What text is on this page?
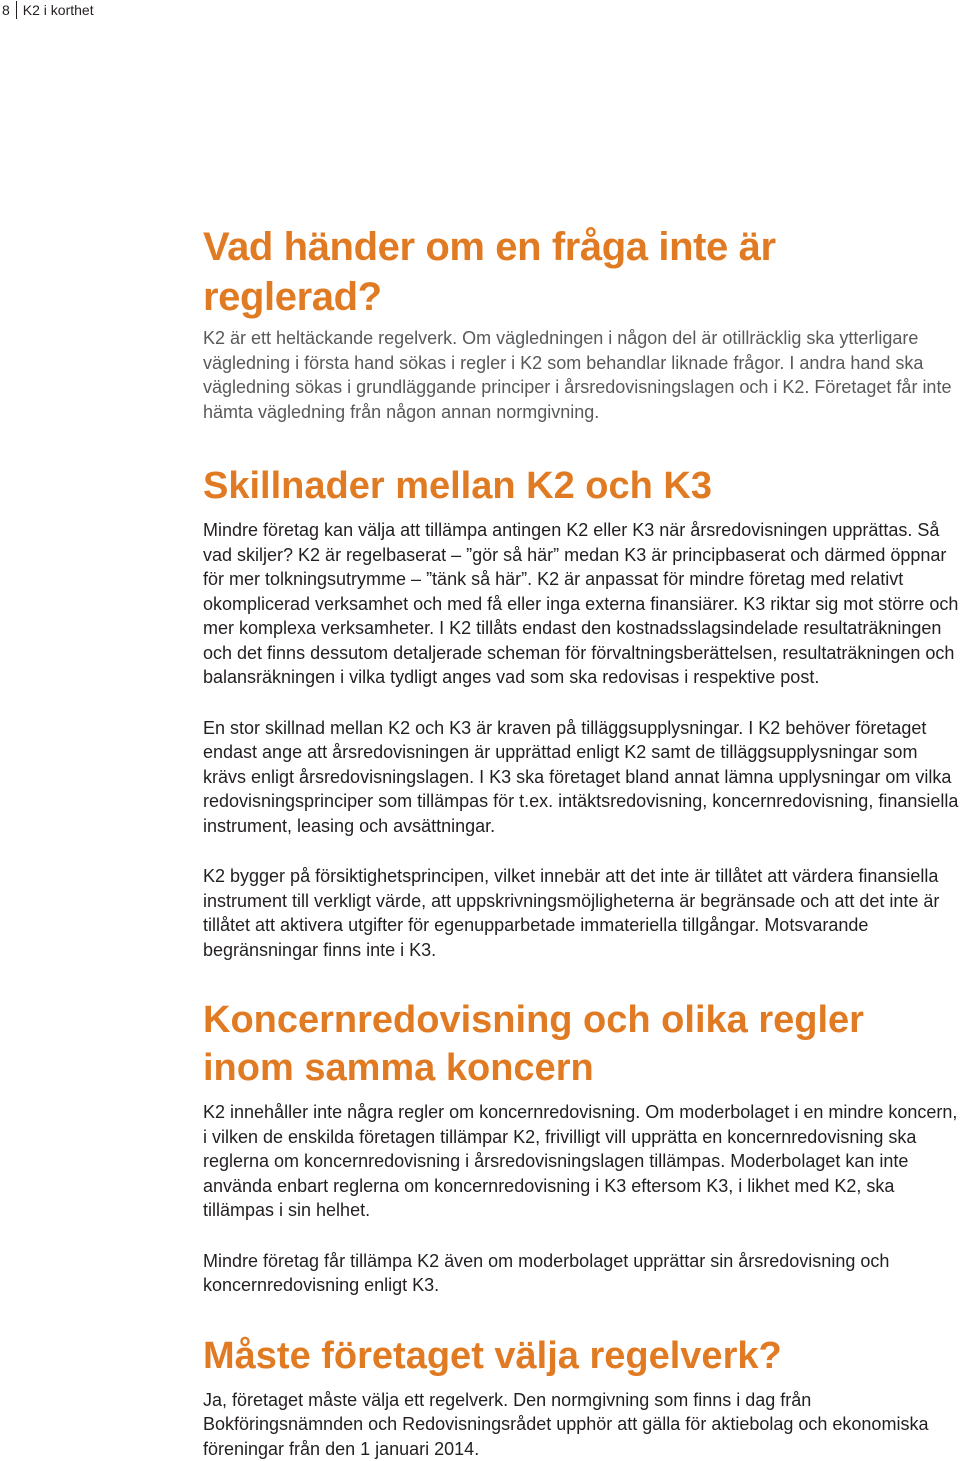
8 K2 i korthet
Vad händer om en fråga inte är reglerad?

K2 är ett heltäckande regelverk. Om vägledningen i någon del är otillräcklig ska ytterligare vägledning i första hand sökas i regler i K2 som behandlar liknade frågor. I andra hand ska vägledning sökas i grundläggande principer i årsredovisningslagen och i K2. Företaget får inte hämta vägledning från någon annan normgivning.

Skillnader mellan K2 och K3

Mindre företag kan välja att tillämpa antingen K2 eller K3 när årsredovisningen upprättas. Så vad skiljer? K2 är regelbaserat – ”gör så här” medan K3 är principbaserat och därmed öppnar för mer tolkningsutrymme – ”tänk så här”. K2 är anpassat för mindre företag med relativt okomplicerad verksamhet och med få eller inga externa finansiärer. K3 riktar sig mot större och mer komplexa verksamheter. I K2 tillåts endast den kostnadsslagsindelade resultaträkningen och det finns dessutom detaljerade scheman för förvaltningsberättelsen, resultaträkningen och balansräkningen i vilka tydligt anges vad som ska redovisas i respektive post.

En stor skillnad mellan K2 och K3 är kraven på tilläggsupplysningar. I K2 behöver företaget endast ange att årsredovisningen är upprättad enligt K2 samt de tilläggsupplysningar som krävs enligt årsredovisningslagen. I K3 ska företaget bland annat lämna upplysningar om vilka redovisningsprinciper som tillämpas för t.ex. intäktsredovisning, koncernredovisning, finansiella instrument, leasing och avsättningar.

K2 bygger på försiktighetsprincipen, vilket innebär att det inte är tillåtet att värdera finansiella instrument till verkligt värde, att uppskrivningsmöjligheterna är begränsade och att det inte är tillåtet att aktivera utgifter för egenupparbetade immateriella tillgångar. Motsvarande begränsningar finns inte i K3.

Koncernredovisning och olika regler
inom samma koncern

K2 innehåller inte några regler om koncernredovisning. Om moderbolaget i en mindre koncern, i vilken de enskilda företagen tillämpar K2, frivilligt vill upprätta en koncernredovisning ska reglerna om koncernredovisning i årsredovisningslagen tillämpas. Moderbolaget kan inte använda enbart reglerna om koncernredovisning i K3 eftersom K3, i likhet med K2, ska tillämpas i sin helhet.

Mindre företag får tillämpa K2 även om moderbolaget upprättar sin årsredovisning och koncernredovisning enligt K3.

Måste företaget välja regelverk?

Ja, företaget måste välja ett regelverk. Den normgivning som finns i dag från Bokföringsnämnden och Redovisningsrådet upphör att gälla för aktiebolag och ekonomiska föreningar från den 1 januari 2014.
